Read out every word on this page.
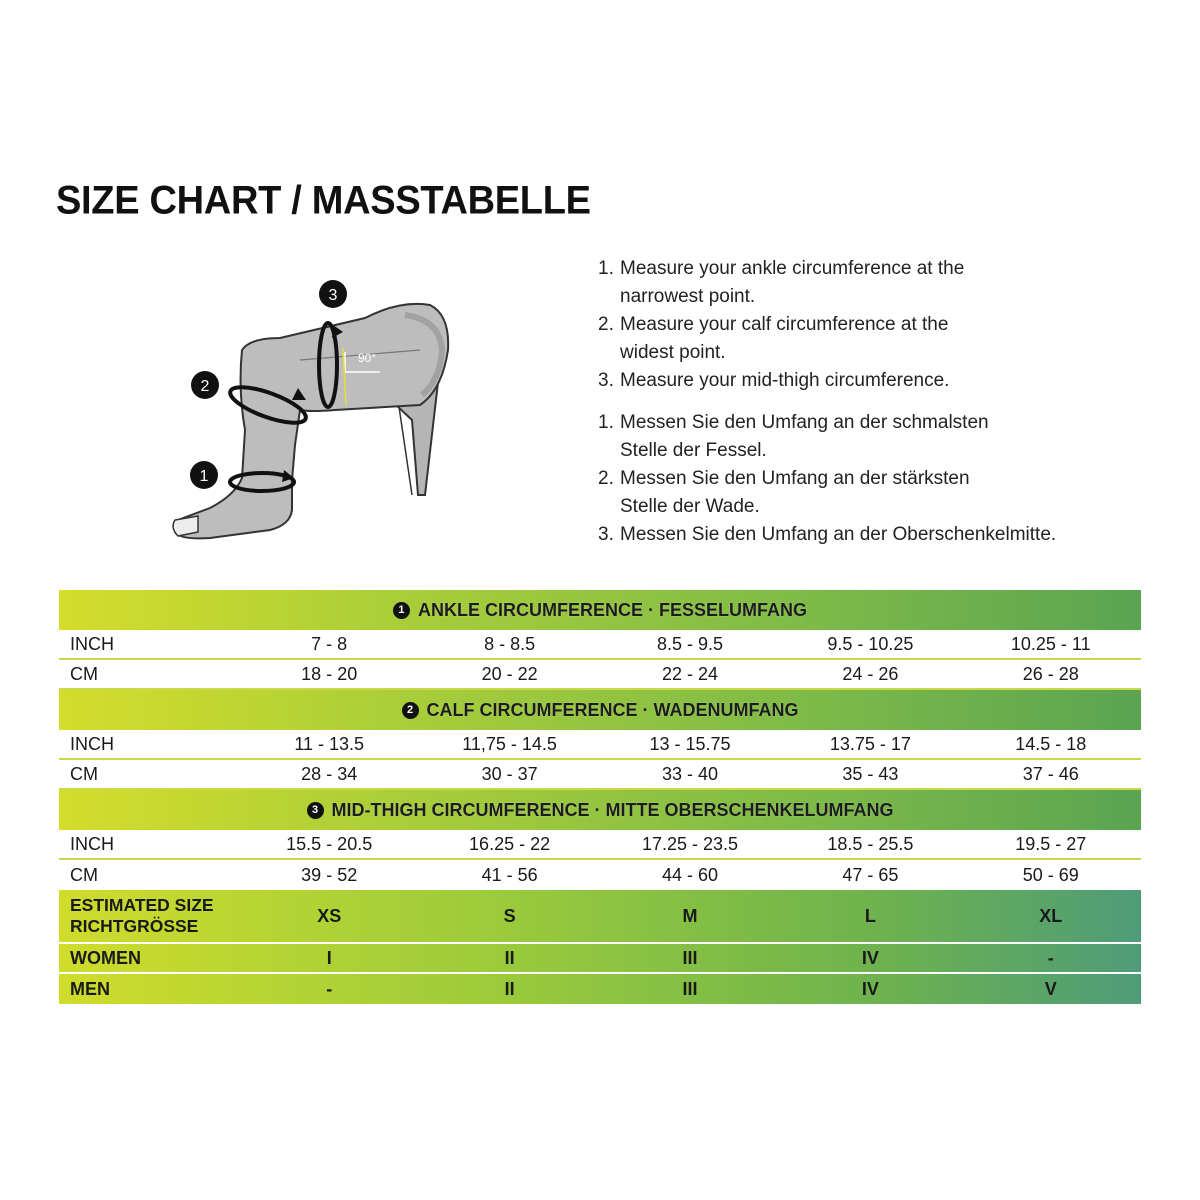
SIZE CHART / MASSTABELLE
90°
3
2
1
1. Measure your ankle circumference at the narrowest point.
2. Measure your calf circumference at the widest point.
3. Measure your mid-thigh circumference.
1. Messen Sie den Umfang an der schmalsten Stelle der Fessel.
2. Messen Sie den Umfang an der stärksten Stelle der Wade.
3. Messen Sie den Umfang an der Oberschenkelmitte.
1 ANKLE CIRCUMFERENCE · FESSELUMFANG
INCH	7 - 8	8 - 8.5	8.5 - 9.5	9.5 - 10.25	10.25 - 11
CM	18 - 20	20 - 22	22 - 24	24 - 26	26 - 28
2 CALF CIRCUMFERENCE · WADENUMFANG
INCH	11 - 13.5	11,75 - 14.5	13 - 15.75	13.75 - 17	14.5 - 18
CM	28 - 34	30 - 37	33 - 40	35 - 43	37 - 46
3 MID-THIGH CIRCUMFERENCE · MITTE OBERSCHENKELUMFANG
INCH	15.5 - 20.5	16.25 - 22	17.25 - 23.5	18.5 - 25.5	19.5 - 27
CM	39 - 52	41 - 56	44 - 60	47 - 65	50 - 69
ESTIMATED SIZE
RICHTGRÖSSE
XS	S	M	L	XL
WOMEN	I	II	III	IV	-
MEN	-	II	III	IV	V
